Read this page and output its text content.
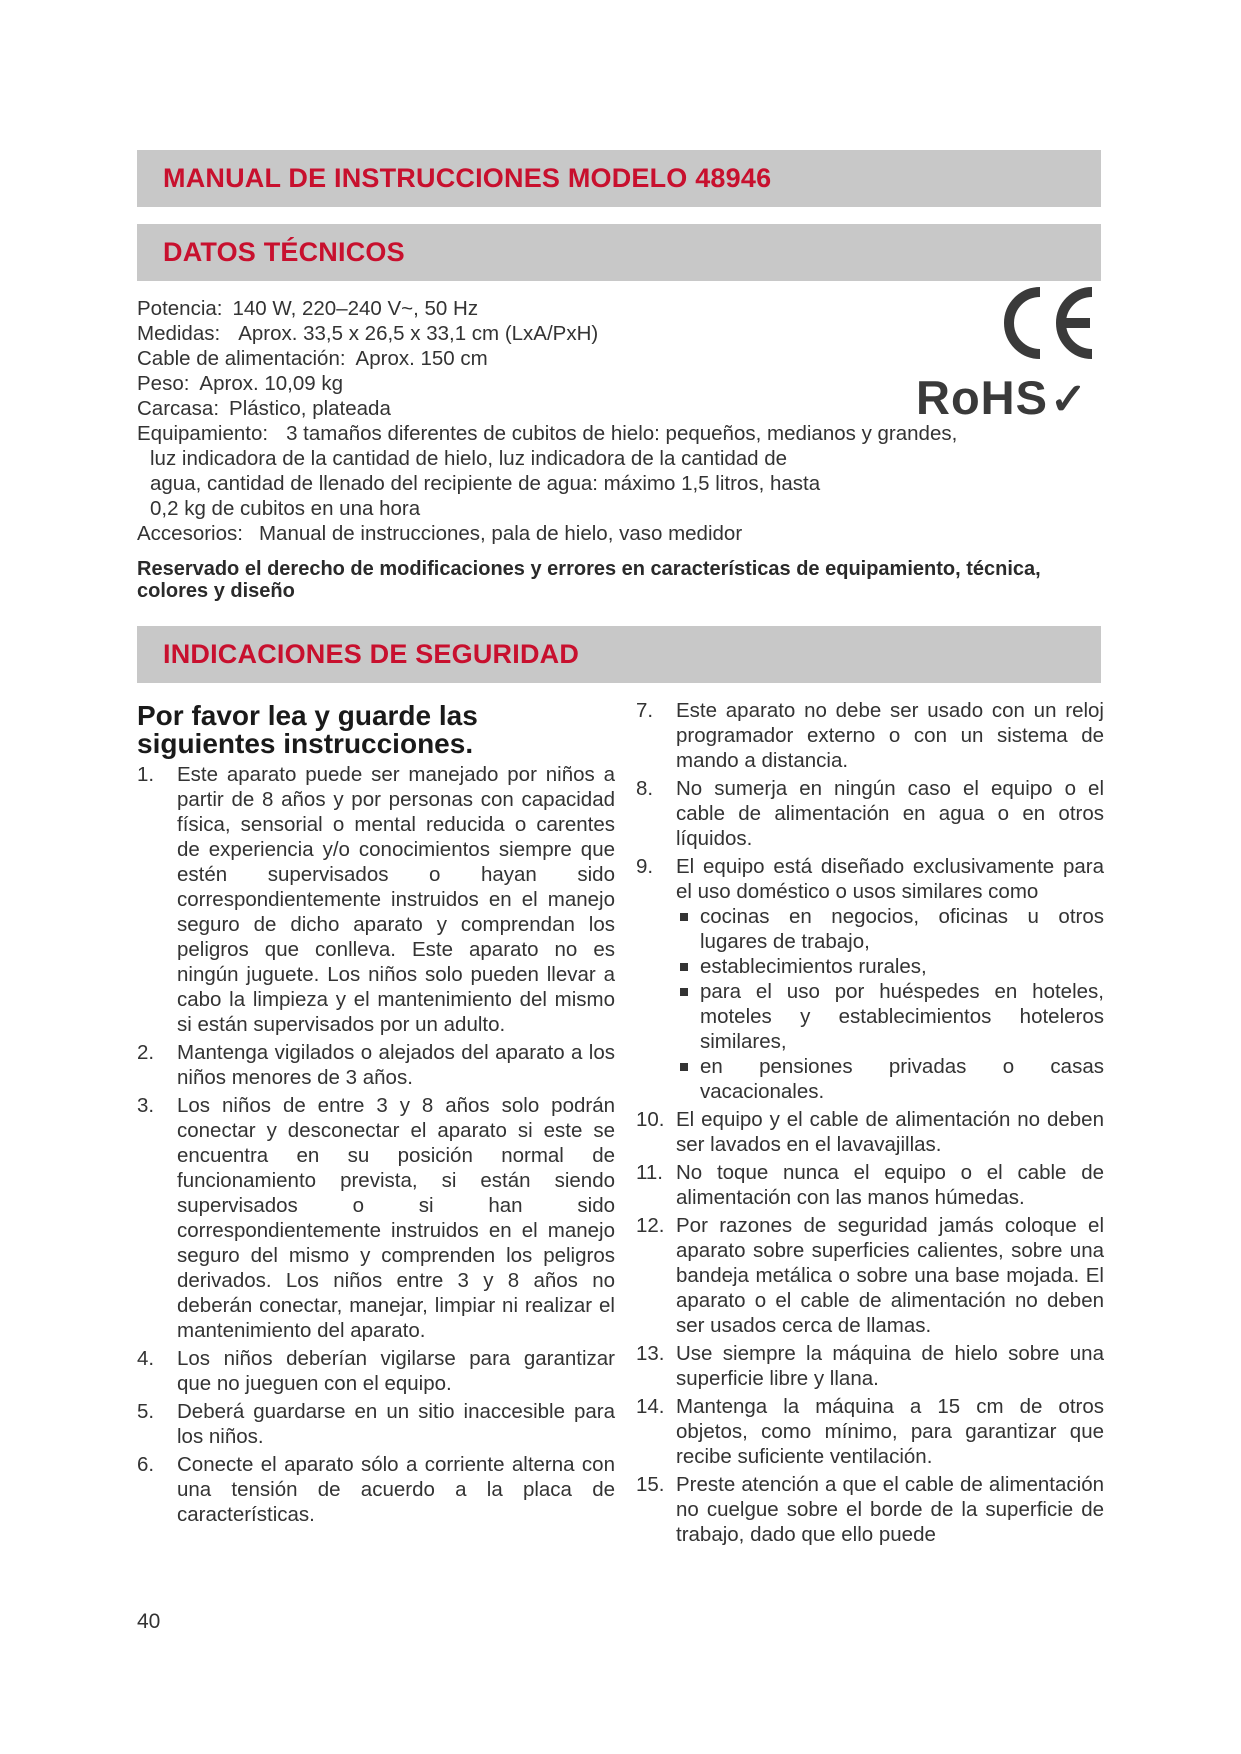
MANUAL DE INSTRUCCIONES MODELO 48946
DATOS TÉCNICOS
Potencia: 140 W, 220–240 V~, 50 Hz
Medidas: Aprox. 33,5 x 26,5 x 33,1 cm (LxA/PxH)
Cable de alimentación: Aprox. 150 cm
Peso: Aprox. 10,09 kg
Carcasa: Plástico, plateada
Equipamiento: 3 tamaños diferentes de cubitos de hielo: pequeños, medianos y grandes,
luz indicadora de la cantidad de hielo, luz indicadora de la cantidad de
agua, cantidad de llenado del recipiente de agua: máximo 1,5 litros, hasta
0,2 kg de cubitos en una hora
Accesorios: Manual de instrucciones, pala de hielo, vaso medidor
RoHS✓
Reservado el derecho de modificaciones y errores en características de equipamiento, técnica, colores y diseño
INDICACIONES DE SEGURIDAD
Por favor lea y guarde las siguientes instrucciones.
1. Este aparato puede ser manejado por niños a partir de 8 años y por personas con capacidad física, sensorial o mental reducida o carentes de experiencia y/o conocimientos siempre que estén supervisados o hayan sido correspondientemente instruidos en el manejo seguro de dicho aparato y comprendan los peligros que conlleva. Este aparato no es ningún juguete. Los niños solo pueden llevar a cabo la limpieza y el mantenimiento del mismo si están supervisados por un adulto.
2. Mantenga vigilados o alejados del aparato a los niños menores de 3 años.
3. Los niños de entre 3 y 8 años solo podrán conectar y desconectar el aparato si este se encuentra en su posición normal de funcionamiento prevista, si están siendo supervisados o si han sido correspondientemente instruidos en el manejo seguro del mismo y comprenden los peligros derivados. Los niños entre 3 y 8 años no deberán conectar, manejar, limpiar ni realizar el mantenimiento del aparato.
4. Los niños deberían vigilarse para garantizar que no jueguen con el equipo.
5. Deberá guardarse en un sitio inaccesible para los niños.
6. Conecte el aparato sólo a corriente alterna con una tensión de acuerdo a la placa de características.
7. Este aparato no debe ser usado con un reloj programador externo o con un sistema de mando a distancia.
8. No sumerja en ningún caso el equipo o el cable de alimentación en agua o en otros líquidos.
9. El equipo está diseñado exclusivamente para el uso doméstico o usos similares como
cocinas en negocios, oficinas u otros lugares de trabajo,
establecimientos rurales,
para el uso por huéspedes en hoteles, moteles y establecimientos hoteleros similares,
en pensiones privadas o casas vacacionales.
10. El equipo y el cable de alimentación no deben ser lavados en el lavavajillas.
11. No toque nunca el equipo o el cable de alimentación con las manos húmedas.
12. Por razones de seguridad jamás coloque el aparato sobre superficies calientes, sobre una bandeja metálica o sobre una base mojada. El aparato o el cable de alimentación no deben ser usados cerca de llamas.
13. Use siempre la máquina de hielo sobre una superficie libre y llana.
14. Mantenga la máquina a 15 cm de otros objetos, como mínimo, para garantizar que recibe suficiente ventilación.
15. Preste atención a que el cable de alimentación no cuelgue sobre el borde de la superficie de trabajo, dado que ello puede
40
